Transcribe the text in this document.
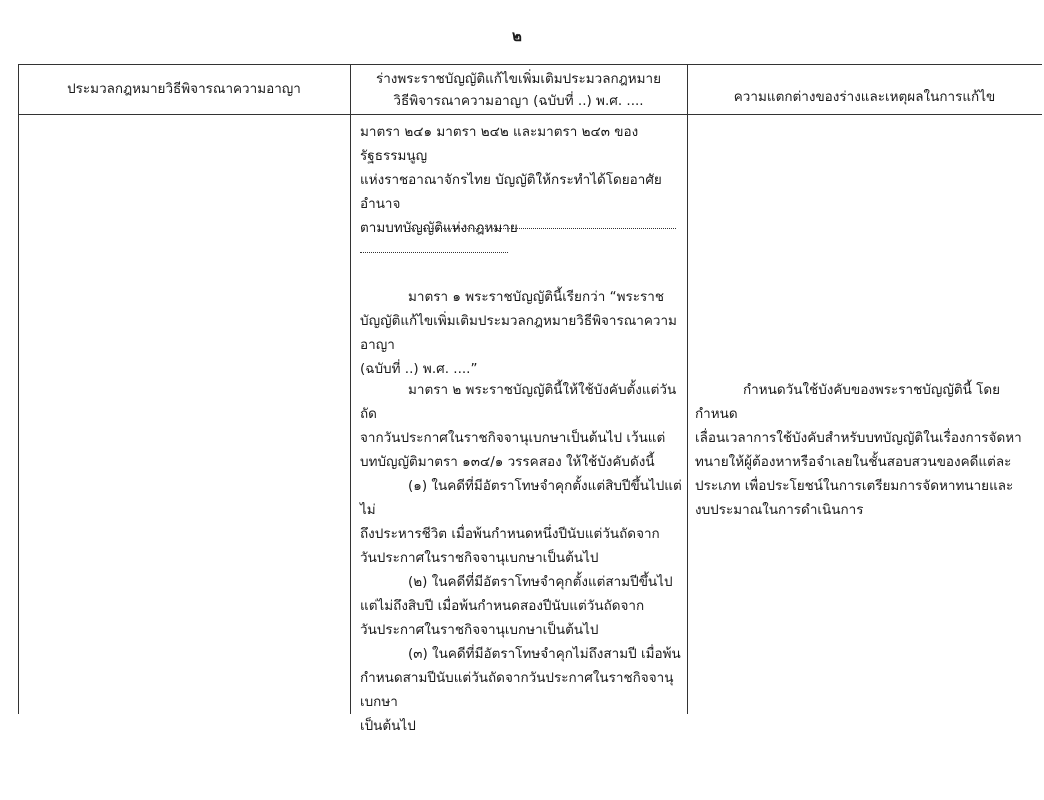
๒
ประมวลกฎหมายวิธีพิจารณาความอาญา
ร่างพระราชบัญญัติแก้ไขเพิ่มเติมประมวลกฎหมาย
วิธีพิจารณาความอาญา (ฉบับที่ ..) พ.ศ. ....	ความแตกต่างของร่างและเหตุผลในการแก้ไข

มาตรา ๒๔๑ มาตรา ๒๔๒ และมาตรา ๒๔๓ ของรัฐธรรมนูญ

แห่งราชอาณาจักรไทย บัญญัติให้กระทำได้โดยอาศัยอำนาจ

ตามบทบัญญัติแห่งกฎหมาย

มาตรา ๑ พระราชบัญญัตินี้เรียกว่า “พระราช

บัญญัติแก้ไขเพิ่มเติมประมวลกฎหมายวิธีพิจารณาความอาญา

(ฉบับที่ ..) พ.ศ. ....”

มาตรา ๒ พระราชบัญญัตินี้ให้ใช้บังคับตั้งแต่วันถัด

จากวันประกาศในราชกิจจานุเบกษาเป็นต้นไป เว้นแต่

บทบัญญัติมาตรา ๑๓๔/๑ วรรคสอง ให้ใช้บังคับดังนี้

(๑) ในคดีที่มีอัตราโทษจำคุกตั้งแต่สิบปีขึ้นไปแต่ไม่

ถึงประหารชีวิต เมื่อพ้นกำหนดหนึ่งปีนับแต่วันถัดจาก

วันประกาศในราชกิจจานุเบกษาเป็นต้นไป

(๒) ในคดีที่มีอัตราโทษจำคุกตั้งแต่สามปีขึ้นไป

แต่ไม่ถึงสิบปี เมื่อพ้นกำหนดสองปีนับแต่วันถัดจาก

วันประกาศในราชกิจจานุเบกษาเป็นต้นไป

(๓) ในคดีที่มีอัตราโทษจำคุกไม่ถึงสามปี เมื่อพ้น

กำหนดสามปีนับแต่วันถัดจากวันประกาศในราชกิจจานุเบกษา

เป็นต้นไป

กำหนดวันใช้บังคับของพระราชบัญญัตินี้ โดยกำหนด

เลื่อนเวลาการใช้บังคับสำหรับบทบัญญัติในเรื่องการจัดหา

ทนายให้ผู้ต้องหาหรือจำเลยในชั้นสอบสวนของคดีแต่ละ

ประเภท เพื่อประโยชน์ในการเตรียมการจัดหาทนายและ

งบประมาณในการดำเนินการ
